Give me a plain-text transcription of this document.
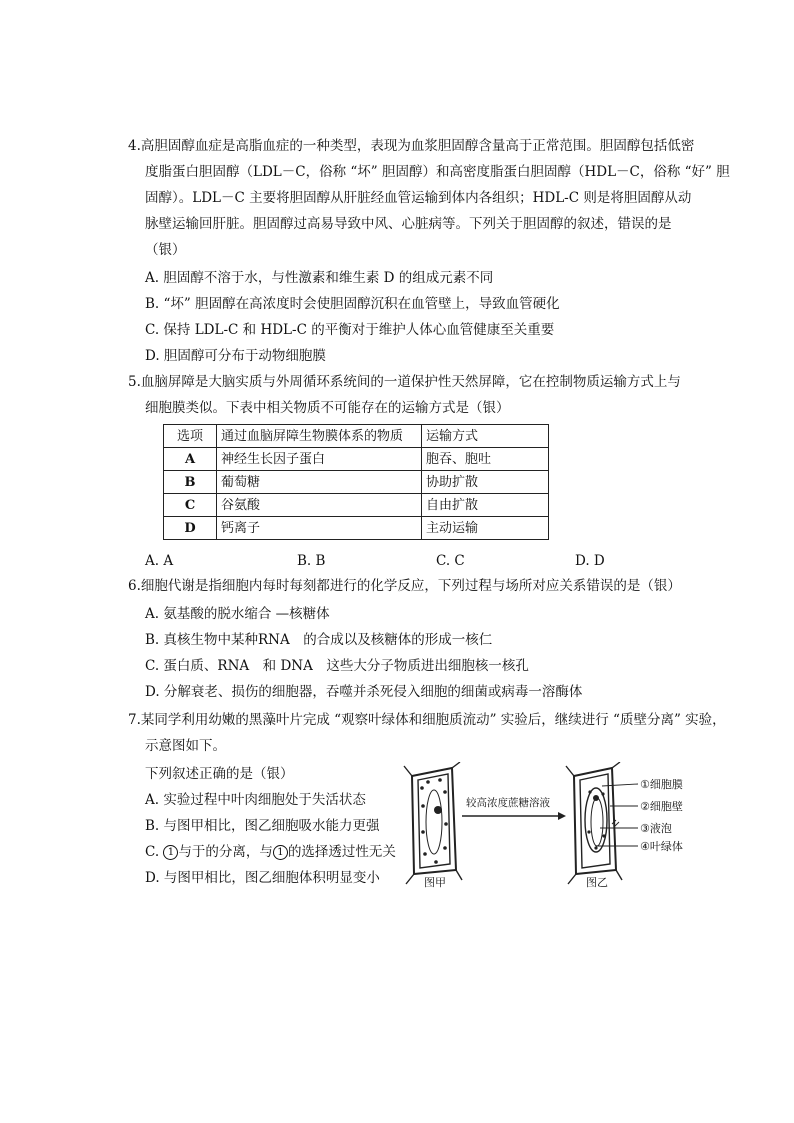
4.高胆固醇血症是高脂血症的一种类型，表现为血浆胆固醇含量高于正常范围。胆固醇包括低密
度脂蛋白胆固醇（LDL－C，俗称 “坏” 胆固醇）和高密度脂蛋白胆固醇（HDL－C，俗称 “好” 胆
固醇）。LDL－C 主要将胆固醇从肝脏经血管运输到体内各组织；HDL-C 则是将胆固醇从动
脉壁运输回肝脏。胆固醇过高易导致中风、心脏病等。下列关于胆固醇的叙述，错误的是
（银）
A. 胆固醇不溶于水，与性激素和维生素 D 的组成元素不同
B. “坏” 胆固醇在高浓度时会使胆固醇沉积在血管壁上，导致血管硬化
C. 保持 LDL-C 和 HDL-C 的平衡对于维护人体心血管健康至关重要
D. 胆固醇可分布于动物细胞膜
5.血脑屏障是大脑实质与外周循环系统间的一道保护性天然屏障，它在控制物质运输方式上与
细胞膜类似。下表中相关物质不可能存在的运输方式是（银）
选项	通过血脑屏障生物膜体系的物质	运输方式
A	神经生长因子蛋白	胞吞、胞吐
B	葡萄糖	协助扩散
C	谷氨酸	自由扩散
D	钙离子	主动运输
A. A	B. B	C. C	D. D
6.细胞代谢是指细胞内每时每刻都进行的化学反应，下列过程与场所对应关系错误的是（银）
A. 氨基酸的脱水缩合 —核糖体
B. 真核生物中某种RNA　的合成以及核糖体的形成一核仁
C. 蛋白质、RNA　和 DNA　这些大分子物质进出细胞核一核孔
D. 分解衰老、损伤的细胞器，吞噬并杀死侵入细胞的细菌或病毒一溶酶体
7.某同学利用幼嫩的黑藻叶片完成 “观察叶绿体和细胞质流动” 实验后，继续进行 “质壁分离” 实验，
示意图如下。
下列叙述正确的是（银）
A. 实验过程中叶肉细胞处于失活状态
B. 与图甲相比，图乙细胞吸水能力更强
C. 1 与于的分离，与 1 的选择透过性无关
D. 与图甲相比，图乙细胞体积明显变小	图甲
较高浓度蔗糖溶液
图乙
①细胞膜
②细胞壁
③液泡
④叶绿体
